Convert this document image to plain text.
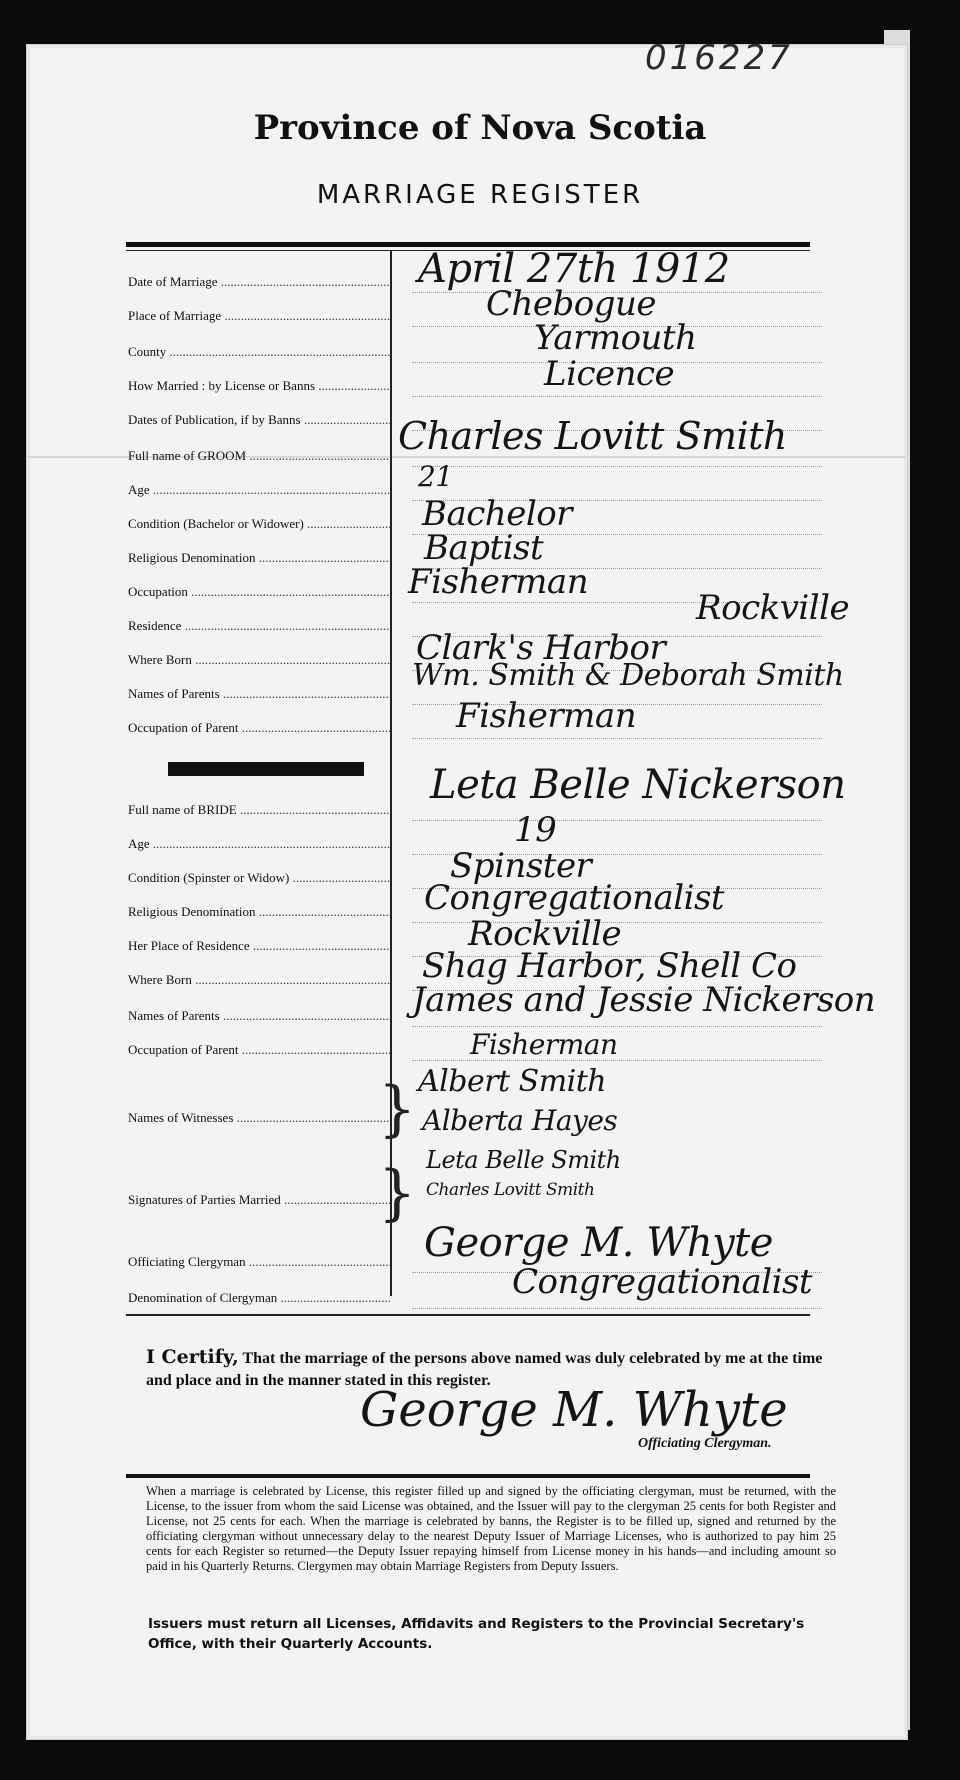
016227
Province of Nova Scotia
MARRIAGE REGISTER
Date of Marriage .....	April 27th 1912
Place of Marriage .....	Chebogue
County .....	Yarmouth
How Married : by License or Banns .....	Licence
Dates of Publication, if by Banns .....
Full name of GROOM .....	Charles Lovitt Smith
Age .....	21
Condition (Bachelor or Widower) .....	Bachelor
Religious Denomination .....	Baptist
Occupation .....	Fisherman
Residence .....	Rockville
Where Born .....	Clark's Harbor
Names of Parents .....
Wm. Smith & Deborah Smith
Occupation of Parent .....	Fisherman
Full name of BRIDE .....
Leta Belle Nickerson
Age .....	19
Condition (Spinster or Widow) .....	Spinster
Religious Denomination .....	Congregationalist
Her Place of Residence .....	Rockville
Where Born .....	Shag Harbor, Shell Co
Names of Parents .....	James and Jessie Nickerson
Occupation of Parent .....	Fisherman
Names of Witnesses .....
Albert Smith
Alberta Hayes
Signatures of Parties Married .....
Leta Belle Smith
Charles Lovitt Smith
Officiating Clergyman .....	George M. Whyte
Denomination of Clergyman .....	Congregationalist
}
}
I Certify, That the marriage of the persons above named was duly celebrated by me at the time and place and in the manner stated in this register.
George M. Whyte
Officiating Clergyman.
When a marriage is celebrated by License, this register filled up and signed by the officiating clergyman, must be returned, with the License, to the issuer from whom the said License was obtained, and the Issuer will pay to the clergyman 25 cents for both Register and License, not 25 cents for each. When the marriage is celebrated by banns, the Register is to be filled up, signed and returned by the officiating clergyman without unnecessary delay to the nearest Deputy Issuer of Marriage Licenses, who is authorized to pay him 25 cents for each Register so returned—the Deputy Issuer repaying himself from License money in his hands—and including amount so paid in his Quarterly Returns. Clergymen may obtain Marriage Registers from Deputy Issuers.
Issuers must return all Licenses, Affidavits and Registers to the Provincial Secretary's Office, with their Quarterly Accounts.
